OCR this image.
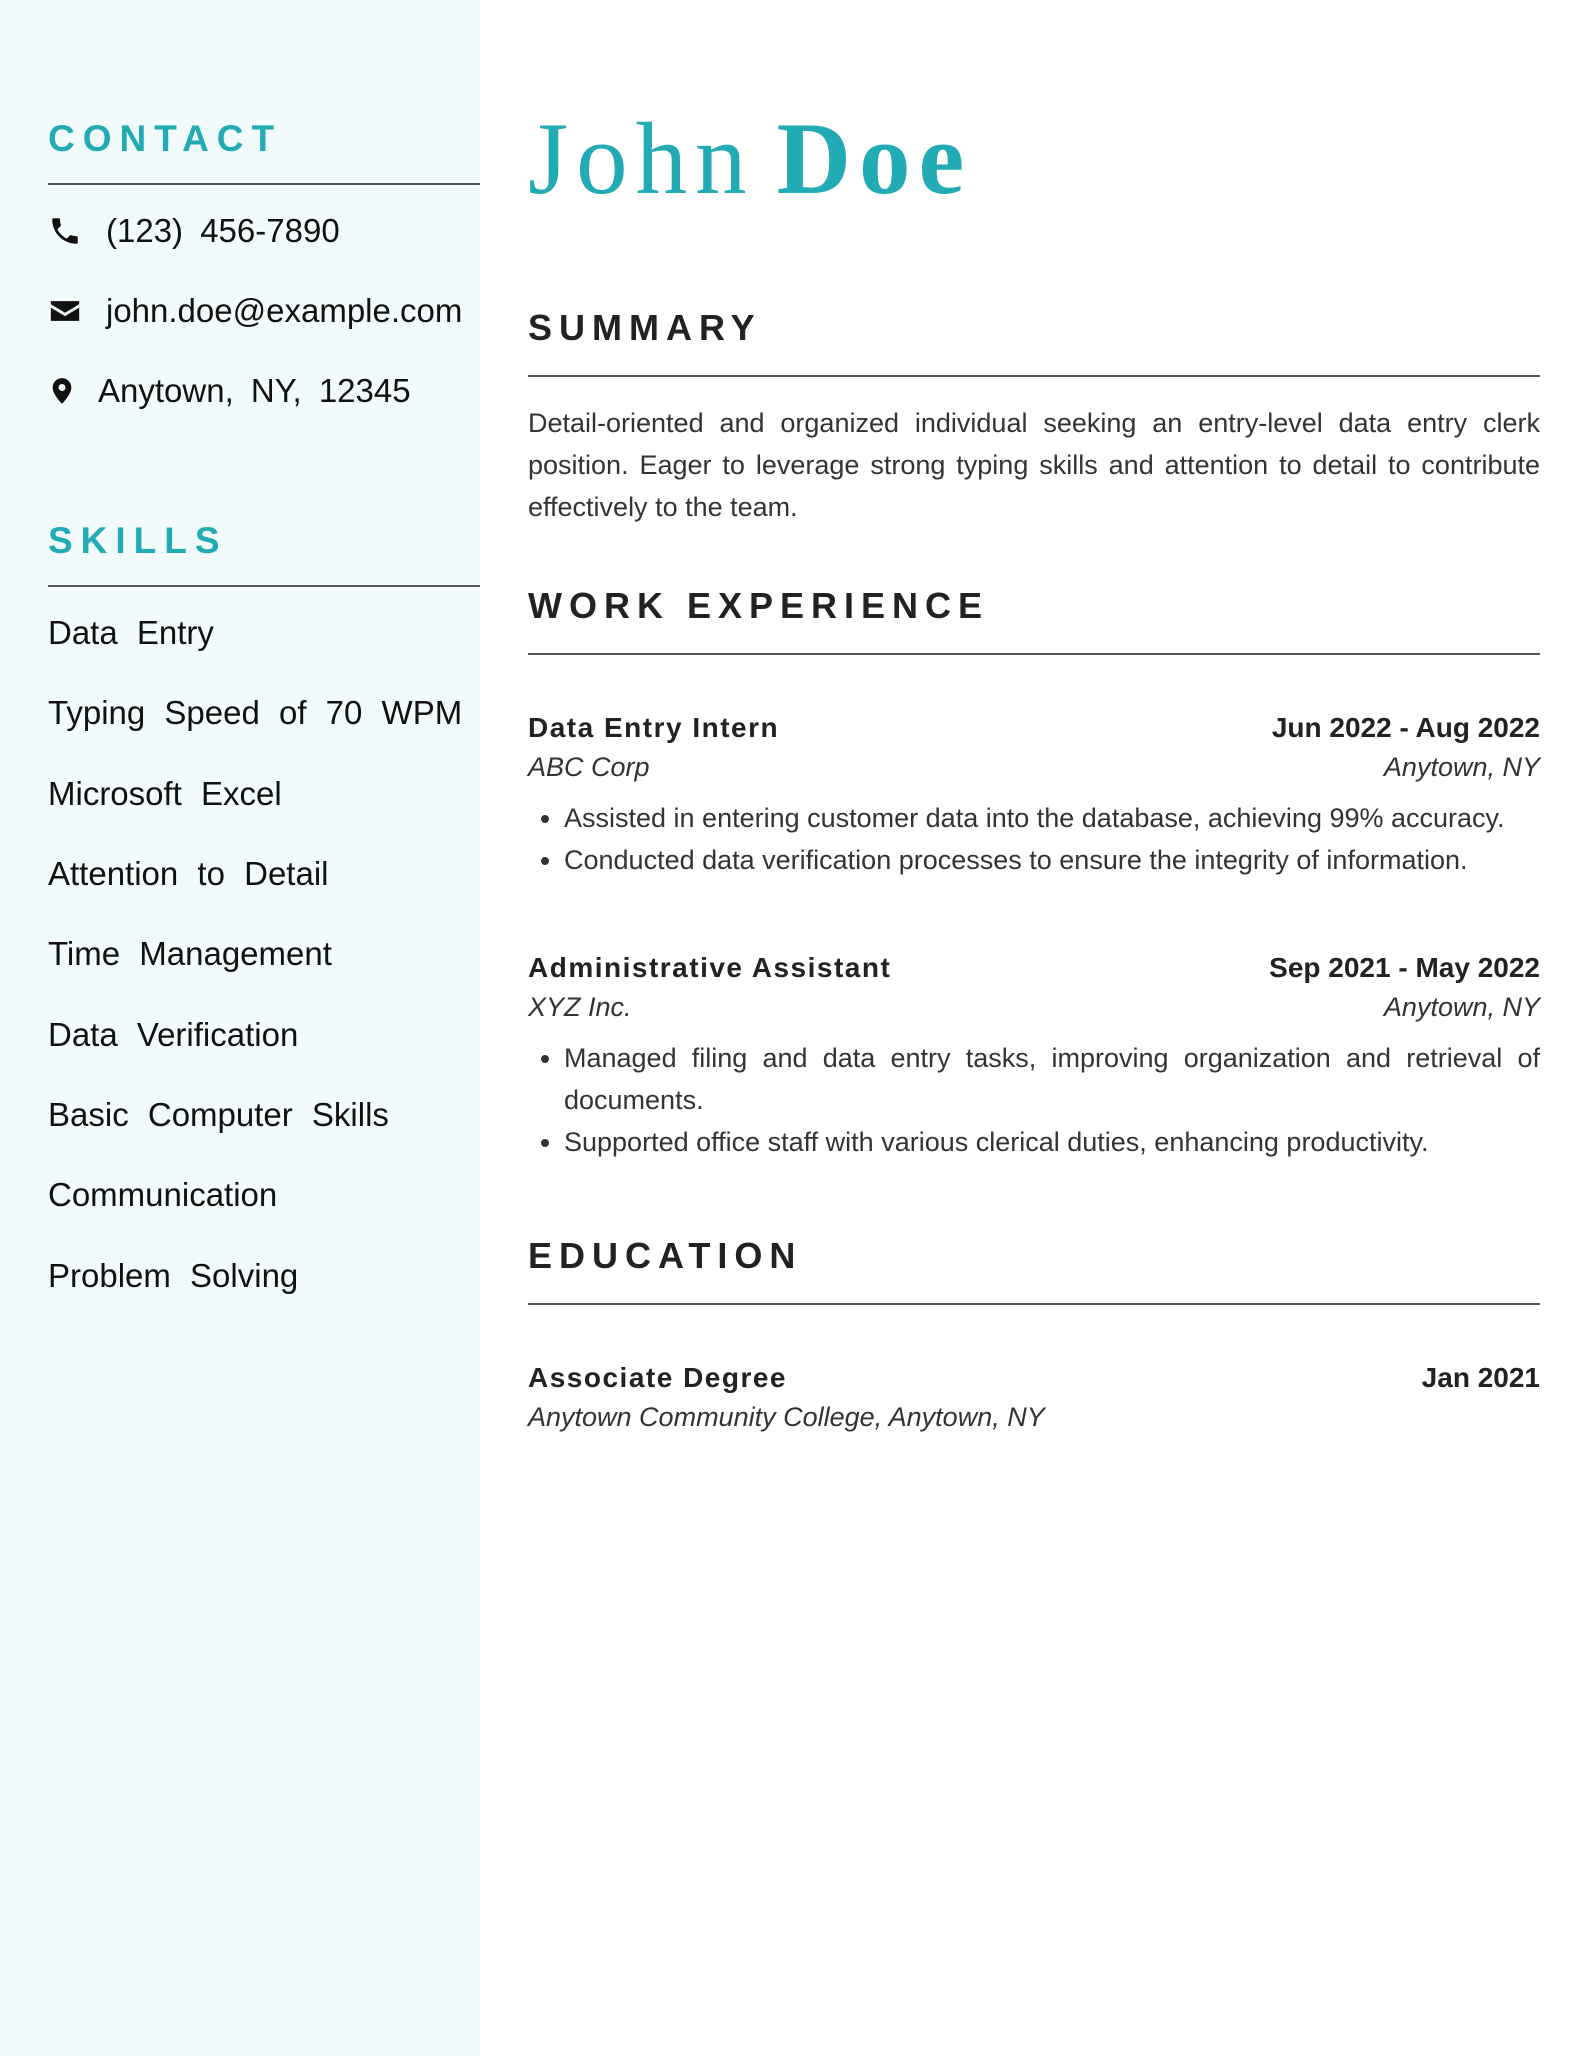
CONTACT
(123) 456-7890
john.doe@example.com
Anytown, NY, 12345
SKILLS
Data Entry
Typing Speed of 70 WPM
Microsoft Excel
Attention to Detail
Time Management
Data Verification
Basic Computer Skills
Communication
Problem Solving
John Doe
SUMMARY

Detail-oriented and organized individual seeking an entry-level data entry clerk position. Eager to leverage strong typing skills and attention to detail to contribute effectively to the team.

WORK EXPERIENCE
Data Entry Intern	Jun 2022 - Aug 2022
ABC Corp	Anytown, NY
• Assisted in entering customer data into the database, achieving 99% accuracy.
• Conducted data verification processes to ensure the integrity of information.
Administrative Assistant	Sep 2021 - May 2022
XYZ Inc.	Anytown, NY
• Managed filing and data entry tasks, improving organization and retrieval of documents.
• Supported office staff with various clerical duties, enhancing productivity.
EDUCATION
Associate Degree	Jan 2021
Anytown Community College, Anytown, NY
